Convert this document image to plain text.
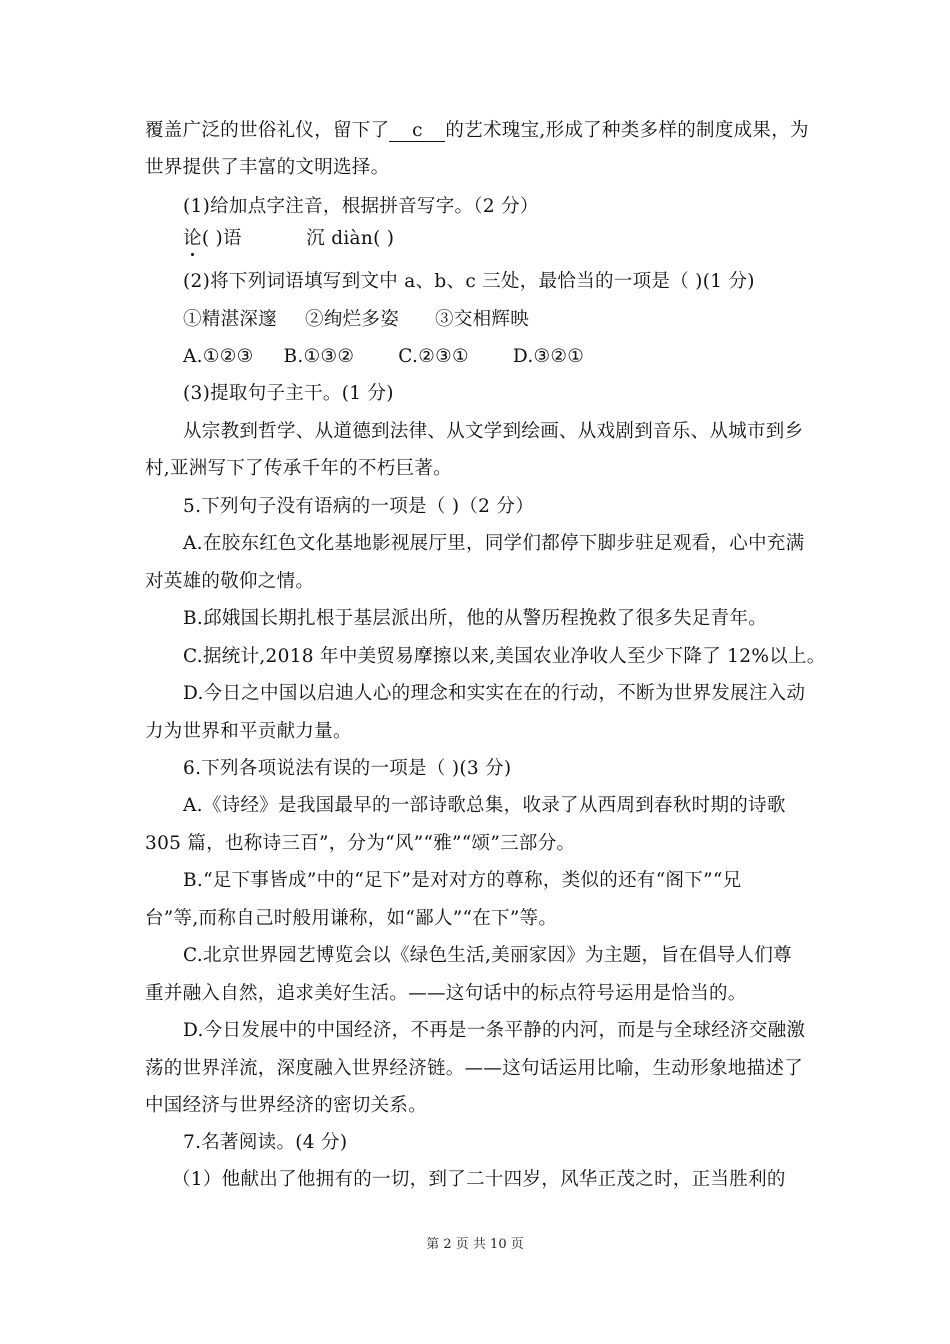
覆盖广泛的世俗礼仪，留下了 c 的艺术瑰宝,形成了种类多样的制度成果，为
世界提供了丰富的文明选择。
(1)给加点字注音，根据拼音写字。（2 分）
论( )语	沉 diàn( )
(2)将下列词语填写到文中 a、b、c 三处，最恰当的一项是（ )(1 分)
①精湛深邃 ②绚烂多姿 ③交相辉映
A.①②③ B.①③② C.②③① D.③②①
(3)提取句子主干。(1 分)
从宗教到哲学、从道德到法律、从文学到绘画、从戏剧到音乐、从城市到乡
村,亚洲写下了传承千年的不朽巨著。
5.下列句子没有语病的一项是（ )（2 分）
A.在胶东红色文化基地影视展厅里，同学们都停下脚步驻足观看，心中充满
对英雄的敬仰之情。
B.邱娥国长期扎根于基层派出所，他的从警历程挽救了很多失足青年。
C.据统计,2018 年中美贸易摩擦以来,美国农业净收人至少下降了 12%以上。
D.今日之中国以启迪人心的理念和实实在在的行动，不断为世界发展注入动
力为世界和平贡献力量。
6.下列各项说法有误的一项是（ )(3 分)
A.《诗经》是我国最早的一部诗歌总集，收录了从西周到春秋时期的诗歌
305 篇，也称诗三百”，分为“风”“雅”“颂”三部分。
B.“足下事皆成”中的“足下”是对对方的尊称，类似的还有“阁下”“兄
台”等,而称自己时般用谦称，如“鄙人”“在下”等。
C.北京世界园艺博览会以《绿色生活,美丽家因》为主题，旨在倡导人们尊
重并融入自然，追求美好生活。——这句话中的标点符号运用是恰当的。
D.今日发展中的中国经济，不再是一条平静的内河，而是与全球经济交融激
荡的世界洋流，深度融入世界经济链。——这句话运用比喻，生动形象地描述了
中国经济与世界经济的密切关系。
7.名著阅读。(4 分)
（1）他献出了他拥有的一切，到了二十四岁，风华正茂之时，正当胜利的
第 2 页 共 10 页
